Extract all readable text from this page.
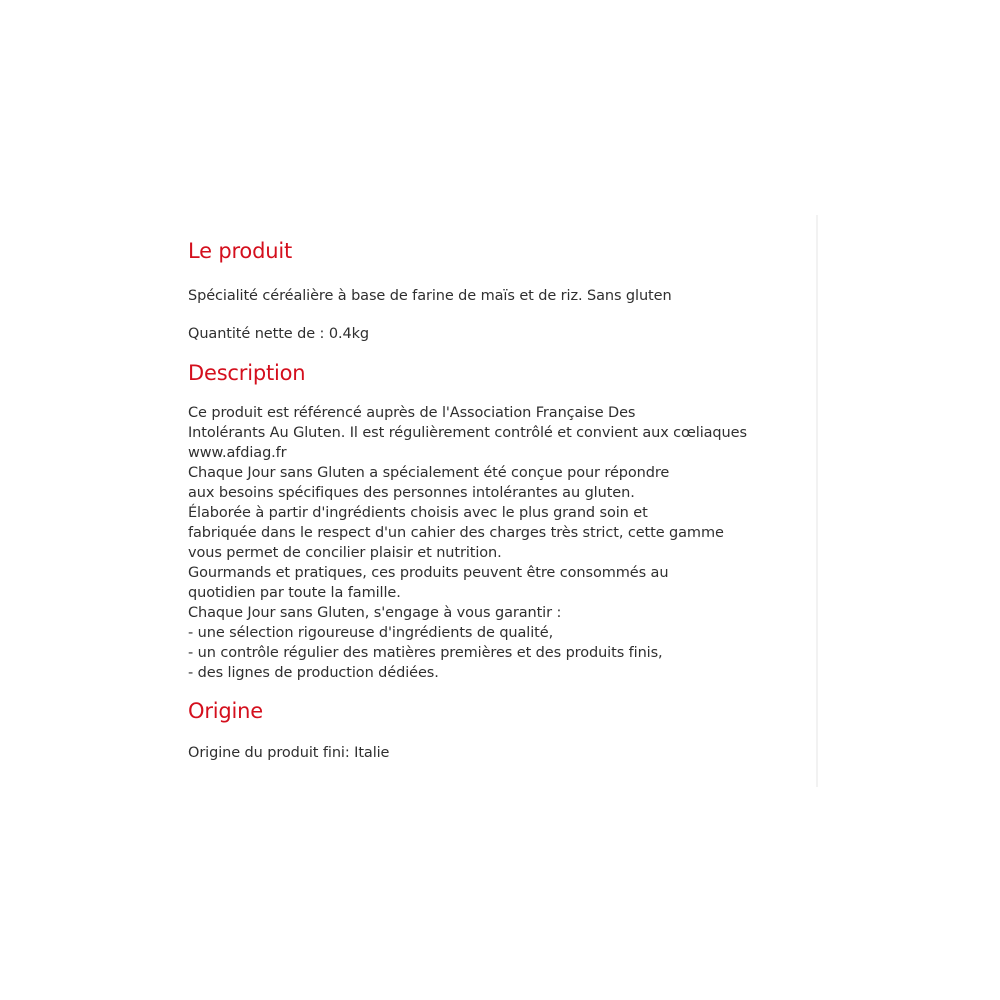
Le produit

Spécialité céréalière à base de farine de maïs et de riz. Sans gluten

Quantité nette de : 0.4kg

Description

Ce produit est référencé auprès de l'Association Française Des

Intolérants Au Gluten. Il est régulièrement contrôlé et convient aux cœliaques

www.afdiag.fr

Chaque Jour sans Gluten a spécialement été conçue pour répondre

aux besoins spécifiques des personnes intolérantes au gluten.

Élaborée à partir d'ingrédients choisis avec le plus grand soin et

fabriquée dans le respect d'un cahier des charges très strict, cette gamme

vous permet de concilier plaisir et nutrition.

Gourmands et pratiques, ces produits peuvent être consommés au

quotidien par toute la famille.

Chaque Jour sans Gluten, s'engage à vous garantir :

- une sélection rigoureuse d'ingrédients de qualité,

- un contrôle régulier des matières premières et des produits finis,

- des lignes de production dédiées.

Origine

Origine du produit fini: Italie
